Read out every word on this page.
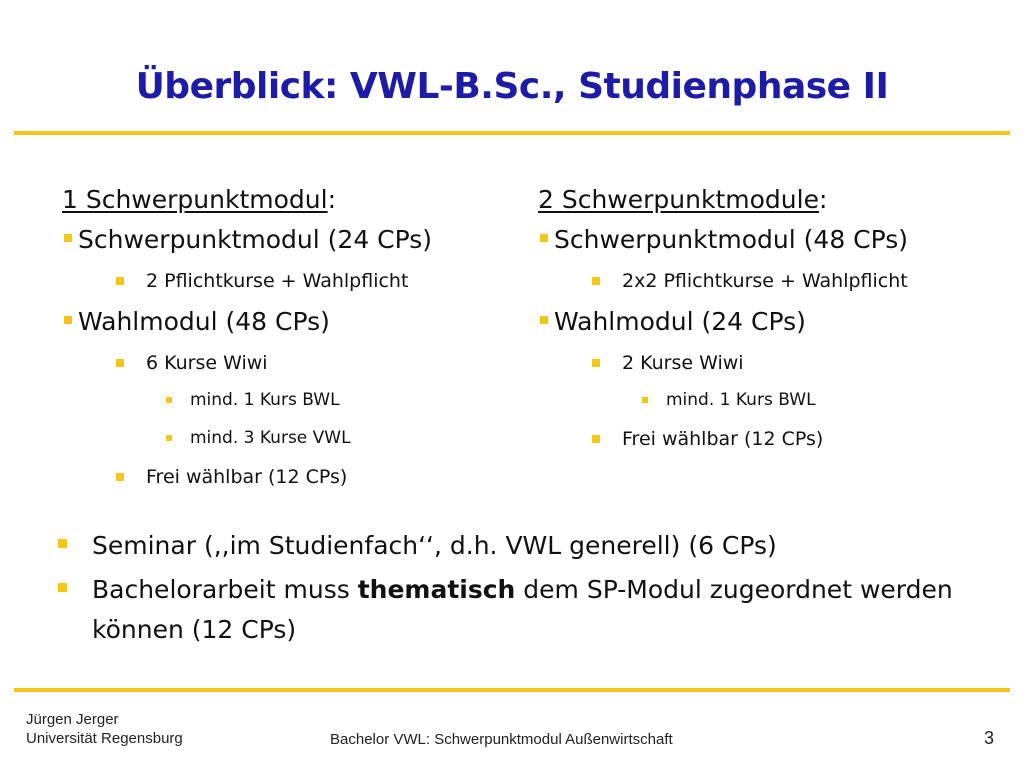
Überblick: VWL-B.Sc., Studienphase II
1 Schwerpunktmodul:
Schwerpunktmodul (24 CPs)
2 Pflichtkurse + Wahlpflicht
Wahlmodul (48 CPs)
6 Kurse Wiwi
mind. 1 Kurs BWL
mind. 3 Kurse VWL
Frei wählbar (12 CPs)
2 Schwerpunktmodule:
Schwerpunktmodul (48 CPs)
2x2 Pflichtkurse + Wahlpflicht
Wahlmodul (24 CPs)
2 Kurse Wiwi
mind. 1 Kurs BWL
Frei wählbar (12 CPs)
Seminar (,,im Studienfach‘‘, d.h. VWL generell) (6 CPs)
Bachelorarbeit muss thematisch dem SP-Modul zugeordnet werden können (12 CPs)
Jürgen Jerger
Universität Regensburg	Bachelor VWL: Schwerpunktmodul Außenwirtschaft	3
